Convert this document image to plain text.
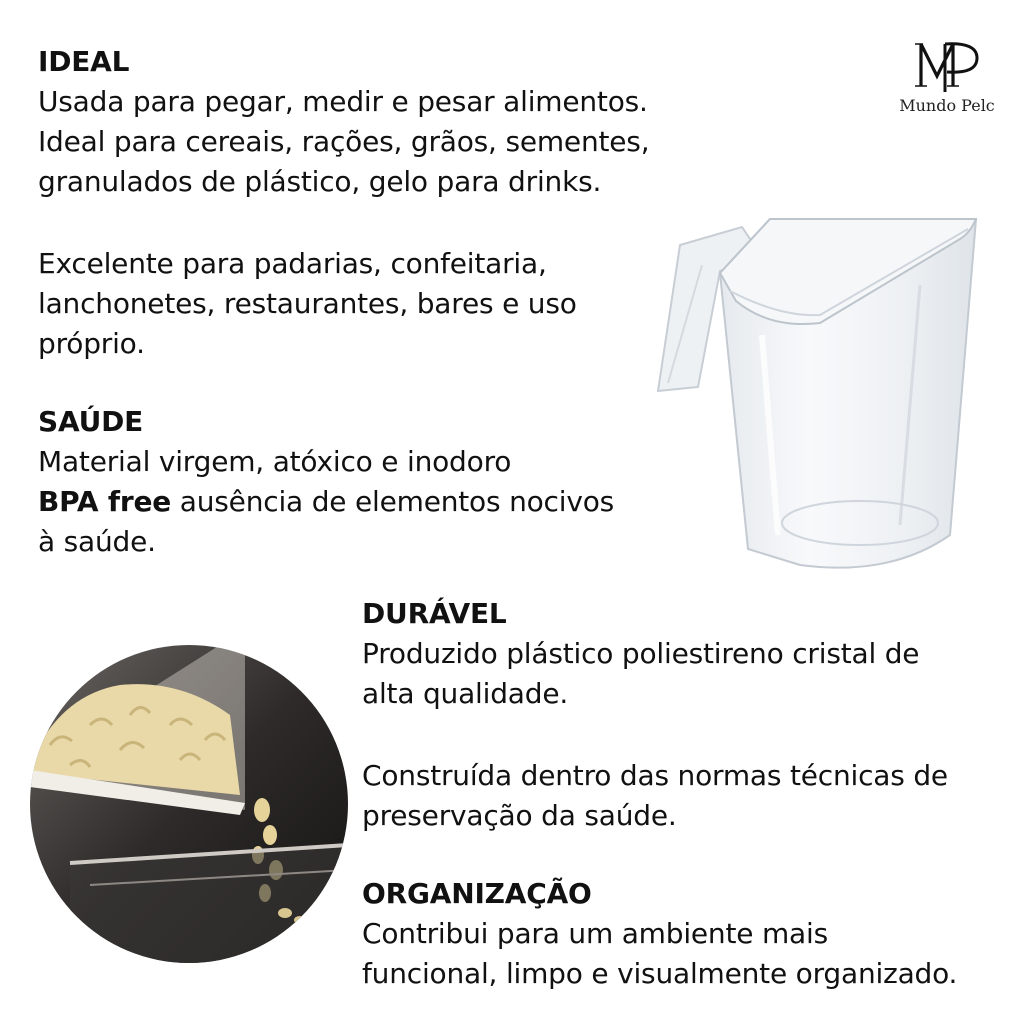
Mundo Pelc
IDEAL
Usada para pegar, medir e pesar alimentos.
Ideal para cereais, rações, grãos, sementes,
granulados de plástico, gelo para drinks.
Excelente para padarias, confeitaria,
lanchonetes, restaurantes, bares e uso
próprio.
SAÚDE
Material virgem, atóxico e inodoro
BPA free ausência de elementos nocivos
à saúde.
DURÁVEL
Produzido plástico poliestireno cristal de
alta qualidade.
Construída dentro das normas técnicas de
preservação da saúde.
ORGANIZAÇÃO
Contribui para um ambiente mais
funcional, limpo e visualmente organizado.
